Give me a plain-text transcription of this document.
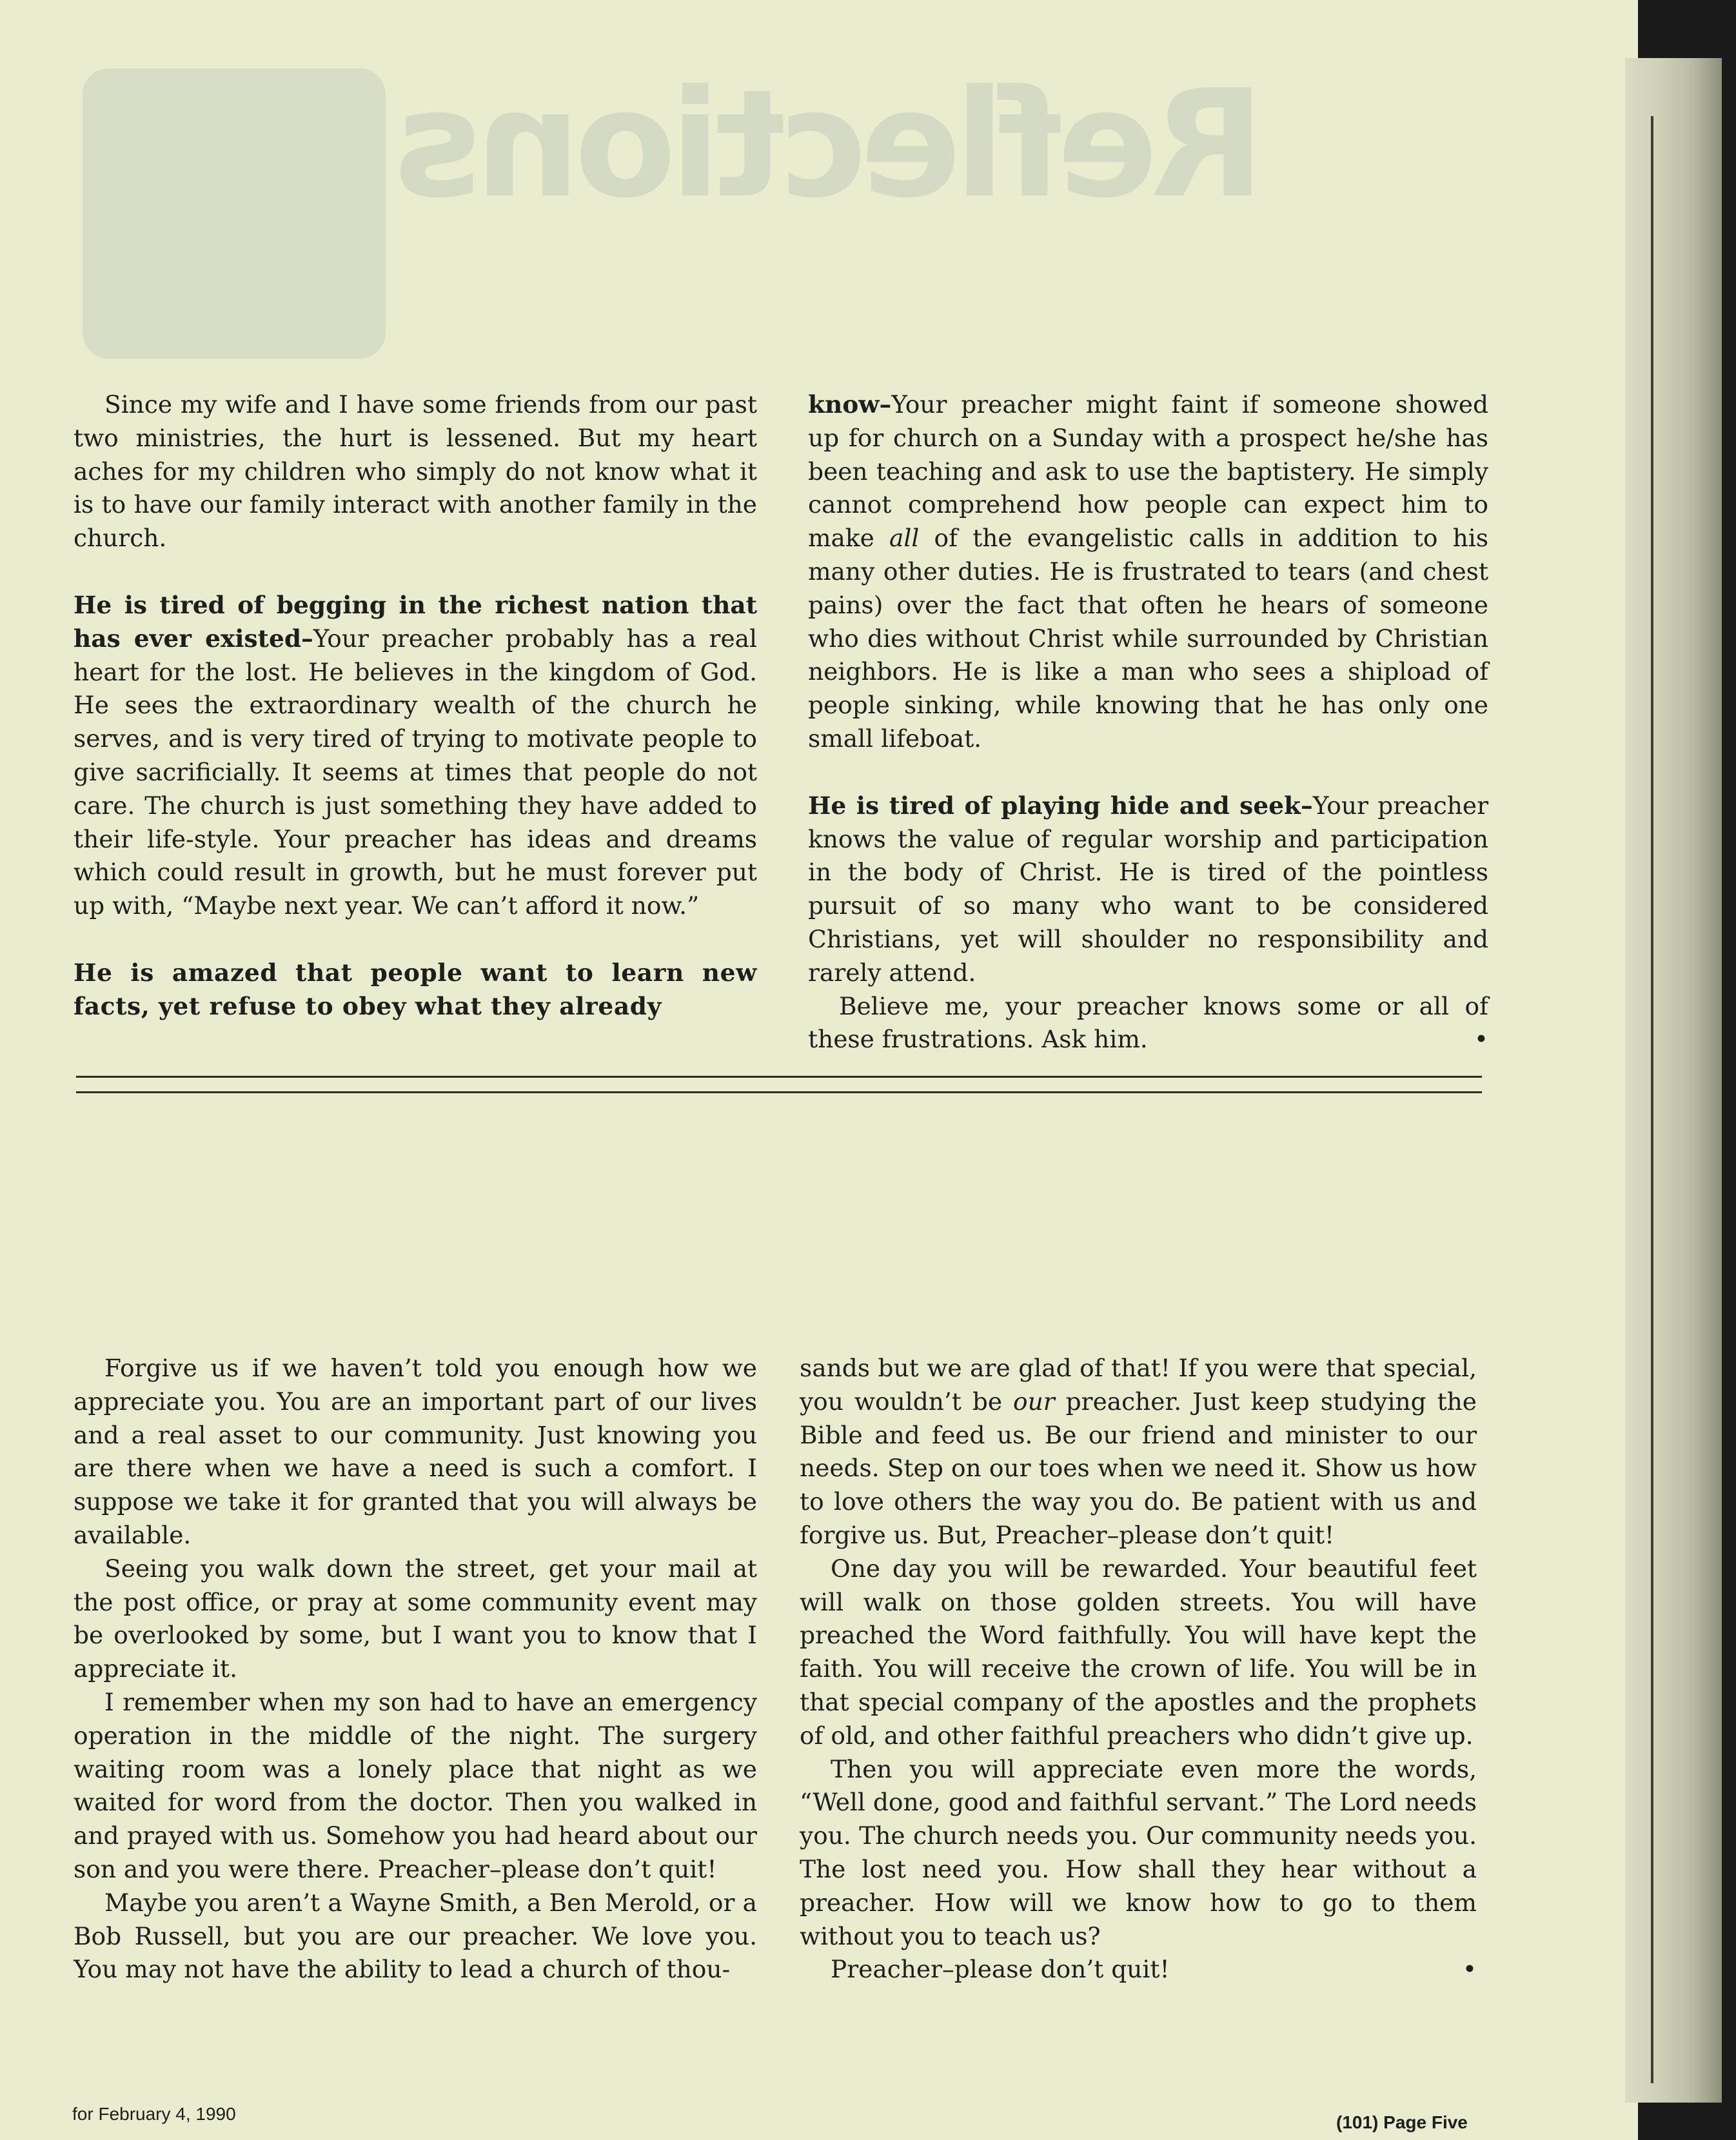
Reflections

Since my wife and I have some friends from our past two ministries, the hurt is lessened. But my heart aches for my children who simply do not know what it is to have our family interact with another family in the church.

He is tired of begging in the richest nation that has ever existed–Your preacher probably has a real heart for the lost. He believes in the kingdom of God. He sees the extraordinary wealth of the church he serves, and is very tired of trying to motivate people to give sacrificially. It seems at times that people do not care. The church is just something they have added to their life-style. Your preacher has ideas and dreams which could result in growth, but he must forever put up with, “Maybe next year. We can’t afford it now.”

He is amazed that people want to learn new facts, yet refuse to obey what they already

know–Your preacher might faint if someone showed up for church on a Sunday with a prospect he/she has been teaching and ask to use the baptistery. He simply cannot comprehend how people can expect him to make all of the evangelistic calls in addition to his many other duties. He is frustrated to tears (and chest pains) over the fact that often he hears of someone who dies without Christ while surrounded by Christian neighbors. He is like a man who sees a shipload of people sinking, while knowing that he has only one small lifeboat.

He is tired of playing hide and seek–Your preacher knows the value of regular worship and participation in the body of Christ. He is tired of the pointless pursuit of so many who want to be considered Christians, yet will shoulder no responsibility and rarely attend.

Believe me, your preacher knows some or all of these frustrations. Ask him.	•

Forgive us if we haven’t told you enough how we appreciate you. You are an important part of our lives and a real asset to our community. Just knowing you are there when we have a need is such a comfort. I suppose we take it for granted that you will always be available.

Seeing you walk down the street, get your mail at the post office, or pray at some community event may be overlooked by some, but I want you to know that I appreciate it.

I remember when my son had to have an emergency operation in the middle of the night. The surgery waiting room was a lonely place that night as we waited for word from the doctor. Then you walked in and prayed with us. Somehow you had heard about our son and you were there. Preacher–please don’t quit!

Maybe you aren’t a Wayne Smith, a Ben Merold, or a Bob Russell, but you are our preacher. We love you. You may not have the ability to lead a church of thou-

sands but we are glad of that! If you were that special, you wouldn’t be our preacher. Just keep studying the Bible and feed us. Be our friend and minister to our needs. Step on our toes when we need it. Show us how to love others the way you do. Be patient with us and forgive us. But, Preacher–please don’t quit!

One day you will be rewarded. Your beautiful feet will walk on those golden streets. You will have preached the Word faithfully. You will have kept the faith. You will receive the crown of life. You will be in that special company of the apostles and the prophets of old, and other faithful preachers who didn’t give up.

Then you will appreciate even more the words, “Well done, good and faithful servant.” The Lord needs you. The church needs you. Our community needs you. The lost need you. How shall they hear without a preacher. How will we know how to go to them without you to teach us?

Preacher–please don’t quit!	•

for February 4, 1990	(101) Page Five
